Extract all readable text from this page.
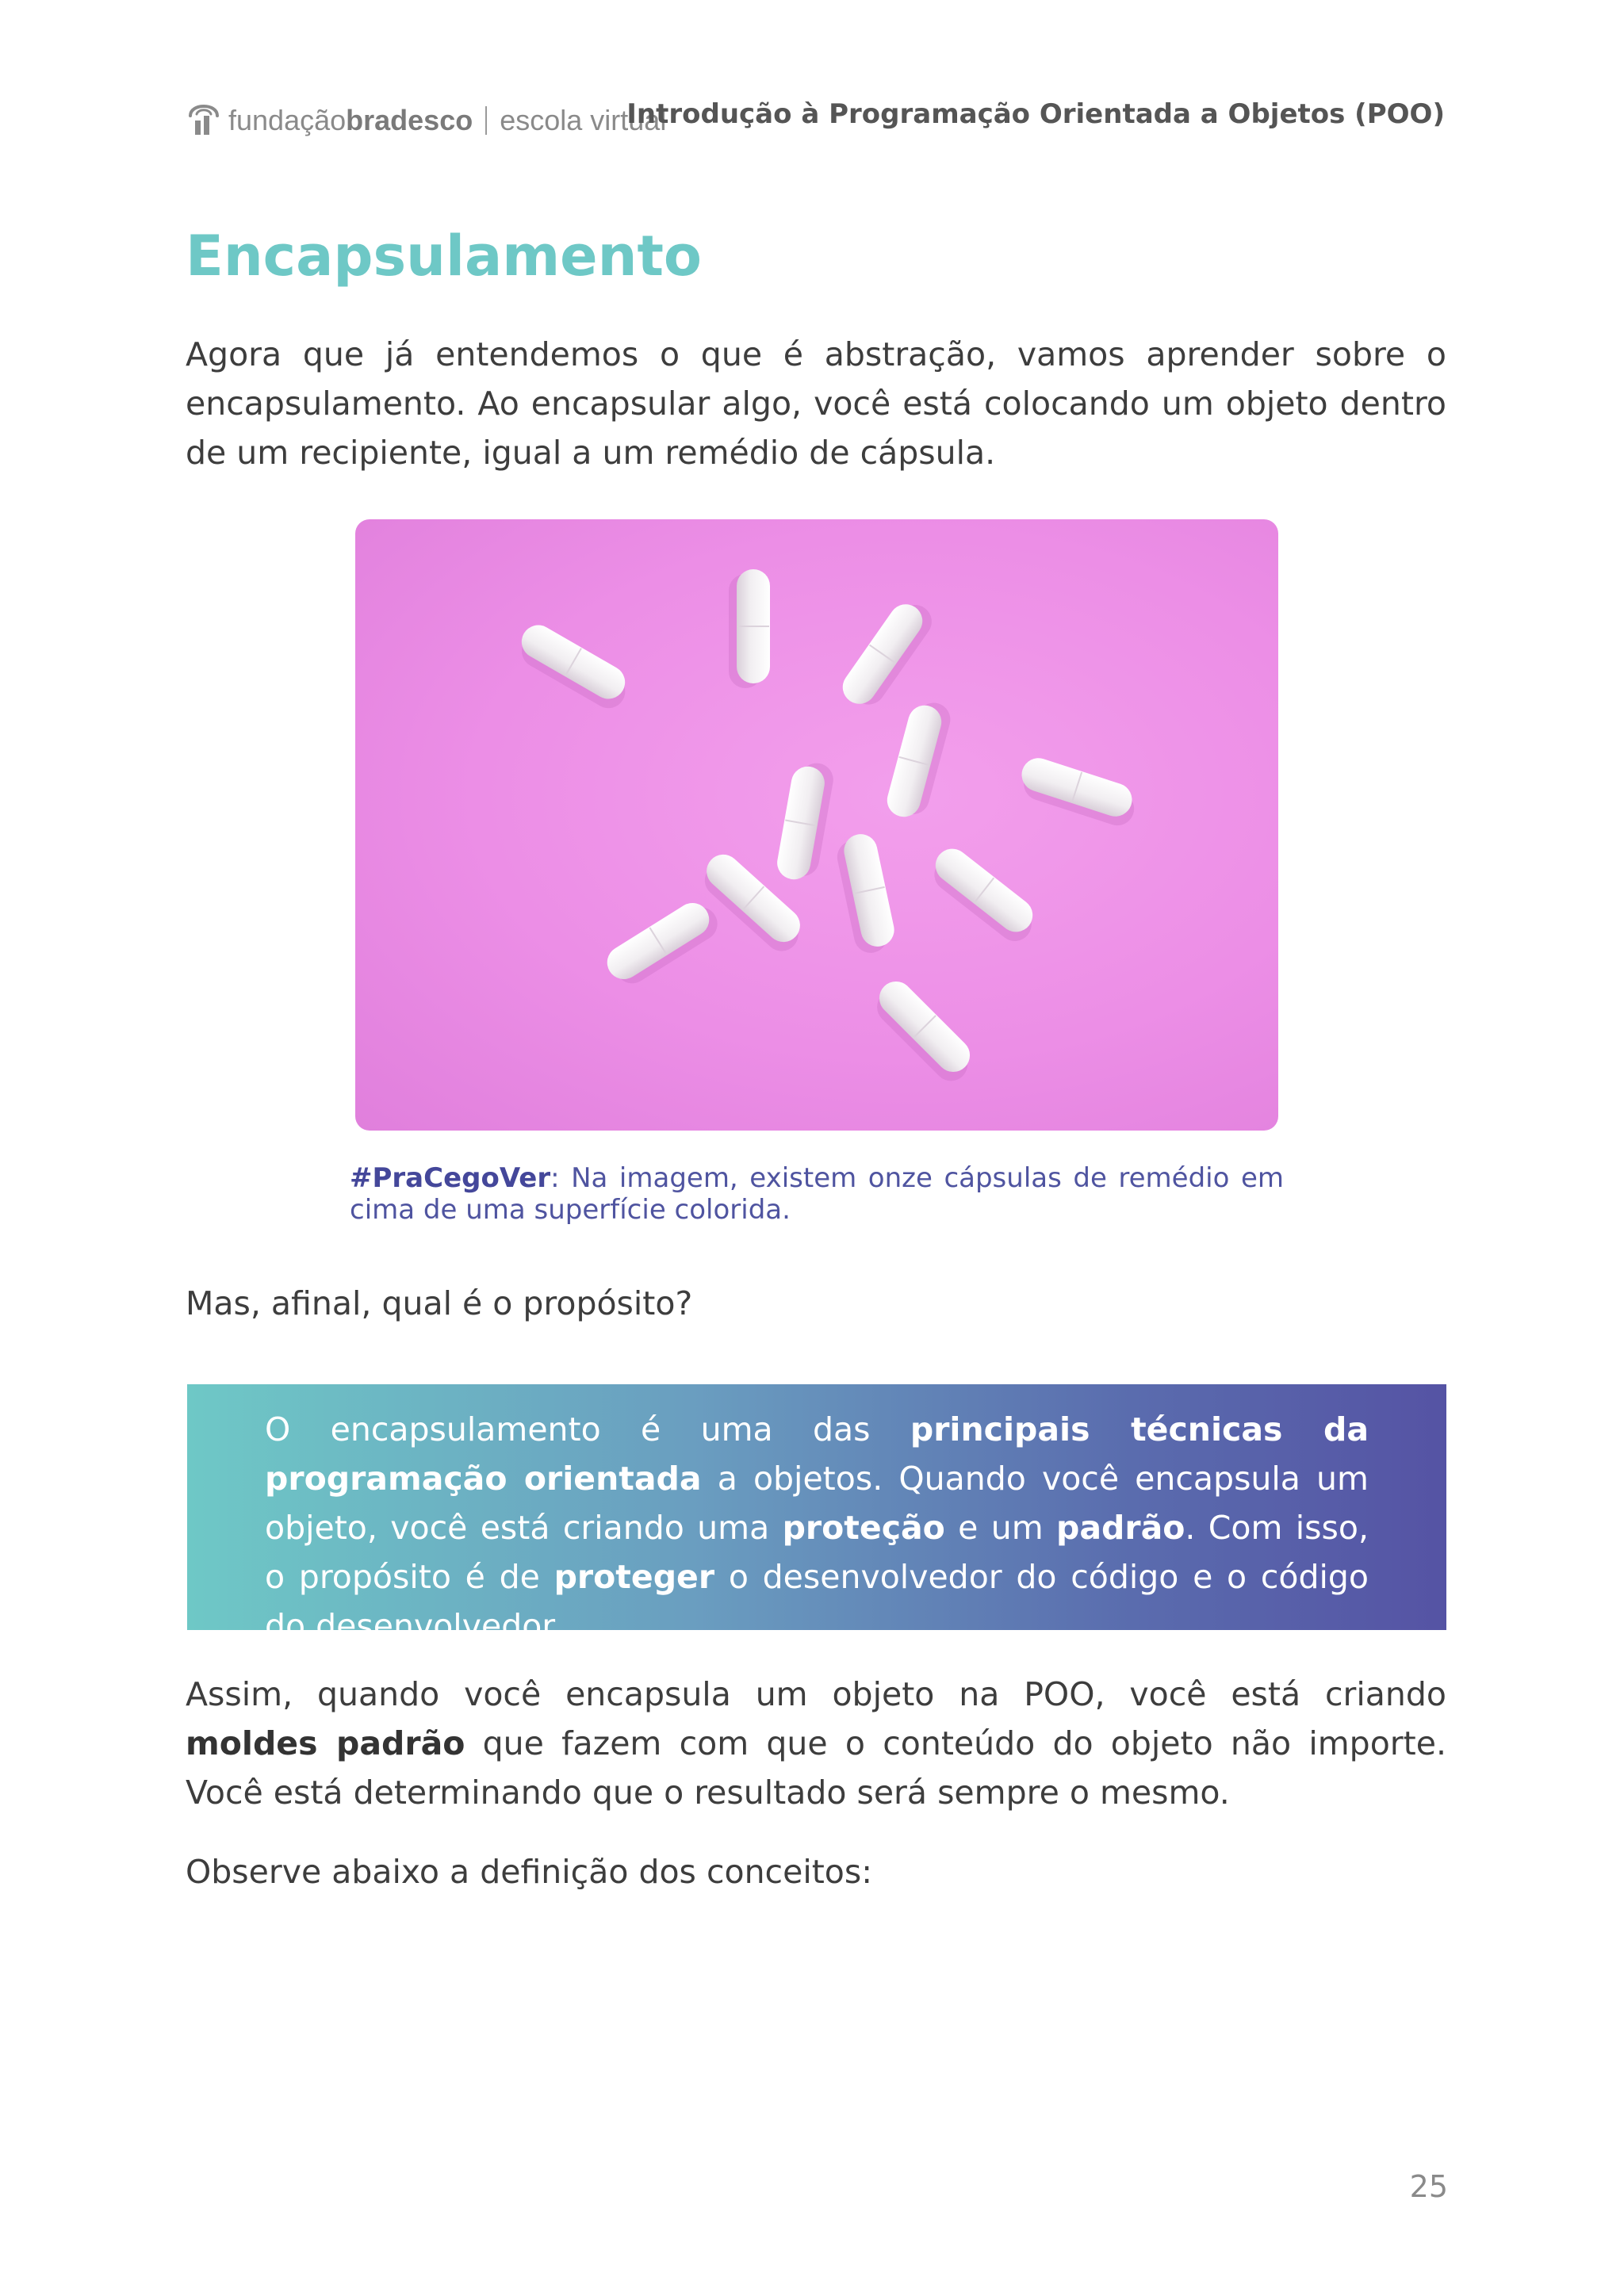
fundaçãobradesco escola virtual
Introdução à Programação Orientada a Objetos (POO)
Encapsulamento

Agora que já entendemos o que é abstração, vamos aprender sobre o encapsulamento. Ao encapsular algo, você está colocando um objeto dentro de um recipiente, igual a um remédio de cápsula.

#PraCegoVer: Na imagem, existem onze cápsulas de remédio em cima de uma superfície colorida.

Mas, afinal, qual é o propósito?

O encapsulamento é uma das principais técnicas da programação orientada a objetos. Quando você encapsula um objeto, você está criando uma proteção e um padrão. Com isso, o propósito é de proteger o desenvolvedor do código e o código do desenvolvedor.

Assim, quando você encapsula um objeto na POO, você está criando moldes padrão que fazem com que o conteúdo do objeto não importe. Você está determinando que o resultado será sempre o mesmo.

Observe abaixo a definição dos conceitos:

25
